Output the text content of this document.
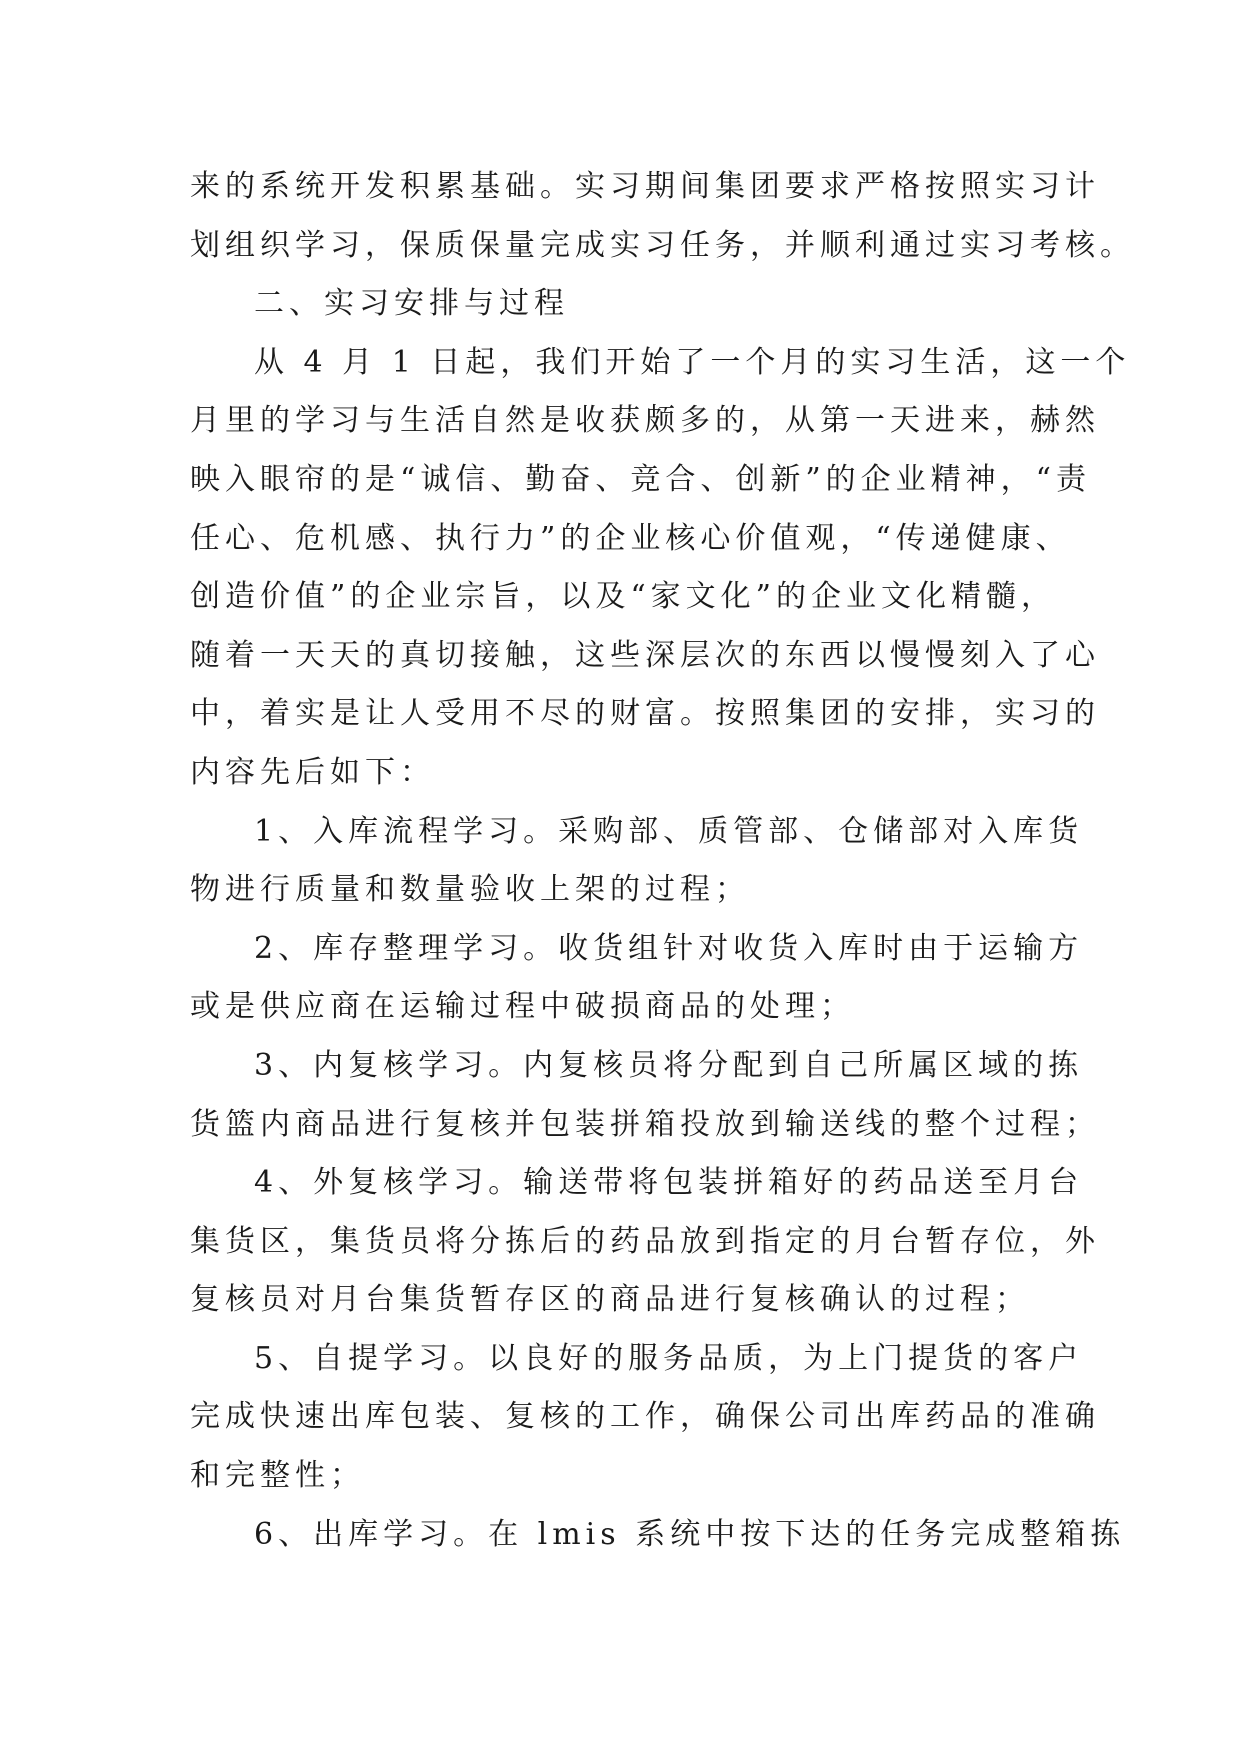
来的系统开发积累基础。实习期间集团要求严格按照实习计
划组织学习，保质保量完成实习任务，并顺利通过实习考核。
二、实习安排与过程
从 4 月 1 日起，我们开始了一个月的实习生活，这一个
月里的学习与生活自然是收获颇多的，从第一天进来，赫然
映入眼帘的是“诚信、勤奋、竞合、创新”的企业精神，“责
任心、危机感、执行力”的企业核心价值观，“传递健康、
创造价值”的企业宗旨，以及“家文化”的企业文化精髓，
随着一天天的真切接触，这些深层次的东西以慢慢刻入了心
中，着实是让人受用不尽的财富。按照集团的安排，实习的
内容先后如下：
1、入库流程学习。采购部、质管部、仓储部对入库货
物进行质量和数量验收上架的过程；
2、库存整理学习。收货组针对收货入库时由于运输方
或是供应商在运输过程中破损商品的处理；
3、内复核学习。内复核员将分配到自己所属区域的拣
货篮内商品进行复核并包装拼箱投放到输送线的整个过程；
4、外复核学习。输送带将包装拼箱好的药品送至月台
集货区，集货员将分拣后的药品放到指定的月台暂存位，外
复核员对月台集货暂存区的商品进行复核确认的过程；
5、自提学习。以良好的服务品质，为上门提货的客户
完成快速出库包装、复核的工作，确保公司出库药品的准确
和完整性；
6、出库学习。在 lmis 系统中按下达的任务完成整箱拣
